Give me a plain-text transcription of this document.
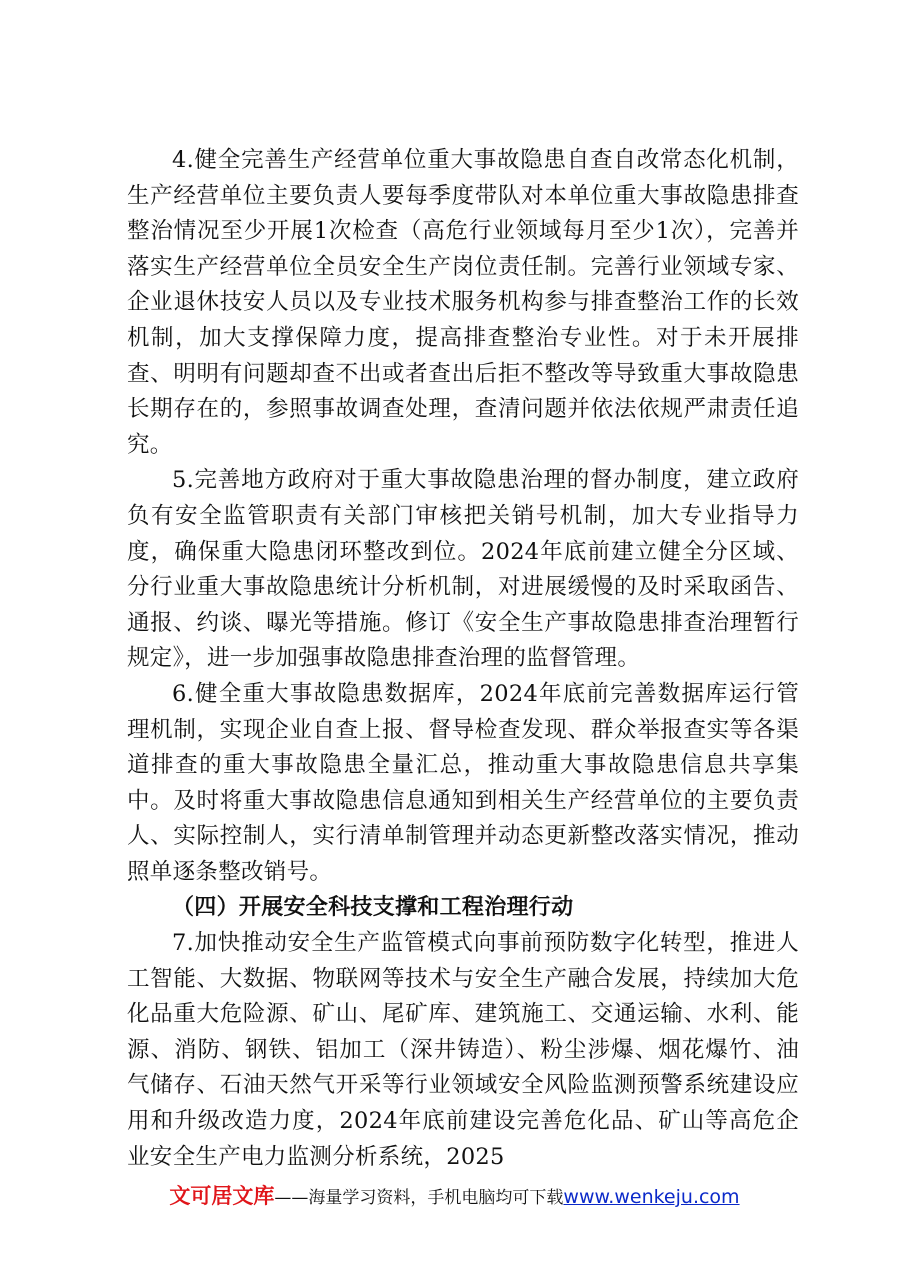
4.健全完善生产经营单位重大事故隐患自查自改常态化机制，生产经营单位主要负责人要每季度带队对本单位重大事故隐患排查整治情况至少开展1次检查（高危行业领域每月至少1次），完善并落实生产经营单位全员安全生产岗位责任制。完善行业领域专家、企业退休技安人员以及专业技术服务机构参与排查整治工作的长效机制，加大支撑保障力度，提高排查整治专业性。对于未开展排查、明明有问题却查不出或者查出后拒不整改等导致重大事故隐患长期存在的，参照事故调查处理，查清问题并依法依规严肃责任追究。

5.完善地方政府对于重大事故隐患治理的督办制度，建立政府负有安全监管职责有关部门审核把关销号机制，加大专业指导力度，确保重大隐患闭环整改到位。2024年底前建立健全分区域、分行业重大事故隐患统计分析机制，对进展缓慢的及时采取函告、通报、约谈、曝光等措施。修订《安全生产事故隐患排查治理暂行规定》，进一步加强事故隐患排查治理的监督管理。

6.健全重大事故隐患数据库，2024年底前完善数据库运行管理机制，实现企业自查上报、督导检查发现、群众举报查实等各渠道排查的重大事故隐患全量汇总，推动重大事故隐患信息共享集中。及时将重大事故隐患信息通知到相关生产经营单位的主要负责人、实际控制人，实行清单制管理并动态更新整改落实情况，推动照单逐条整改销号。

（四）开展安全科技支撑和工程治理行动

7.加快推动安全生产监管模式向事前预防数字化转型，推进人工智能、大数据、物联网等技术与安全生产融合发展，持续加大危化品重大危险源、矿山、尾矿库、建筑施工、交通运输、水利、能源、消防、钢铁、铝加工（深井铸造）、粉尘涉爆、烟花爆竹、油气储存、石油天然气开采等行业领域安全风险监测预警系统建设应用和升级改造力度，2024年底前建设完善危化品、矿山等高危企业安全生产电力监测分析系统，2025

文可居文库——海量学习资料，手机电脑均可下载www.wenkeju.com
